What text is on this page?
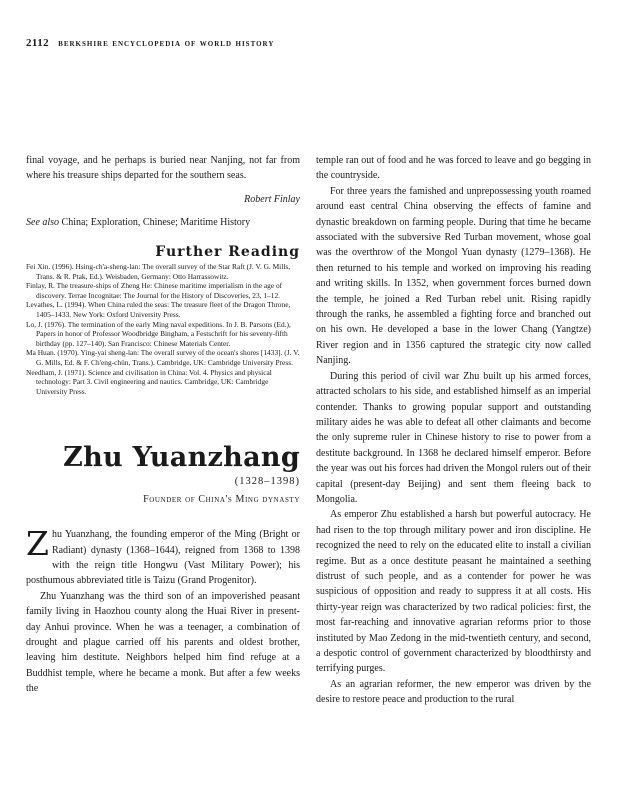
2112 berkshire encyclopedia of world history

final voyage, and he perhaps is buried near Nanjing, not far from where his treasure ships departed for the southern seas.

Robert Finlay
See also China; Exploration, Chinese; Maritime History
Further Reading
Fei Xin. (1996). Hsing-ch'a-sheng-lan: The overall survey of the Star Raft (J. V. G. Mills, Trans. & R. Ptak, Ed.). Weisbaden, Germany: Otto Harrassowitz.
Finlay, R. The treasure-ships of Zheng He: Chinese maritime imperialism in the age of discovery. Terrae Incognitae: The Journal for the History of Discoveries, 23, 1–12.
Levathes, L. (1994). When China ruled the seas: The treasure fleet of the Dragon Throne, 1405–1433. New York: Oxford University Press.
Lo, J. (1976). The termination of the early Ming naval expeditions. In J. B. Parsons (Ed.), Papers in honor of Professor Woodbridge Bingham, a Festschrift for his seventy-fifth birthday (pp. 127–140). San Francisco: Chinese Materials Center.
Ma Huan. (1970). Ying-yai sheng-lan: The overall survey of the ocean's shores [1433]. (J. V. G. Mills, Ed. & F. Ch'eng-chün, Trans.). Cambridge, UK: Cambridge University Press.
Needham, J. (1971). Science and civilisation in China: Vol. 4. Physics and physical technology: Part 3. Civil engineering and nautics. Cambridge, UK: Cambridge University Press.
Zhu Yuanzhang
(1328–1398)
Founder of China's Ming dynasty

Zhu Yuanzhang, the founding emperor of the Ming (Bright or Radiant) dynasty (1368–1644), reigned from 1368 to 1398 with the reign title Hongwu (Vast Military Power); his posthumous abbreviated title is Taizu (Grand Progenitor).

Zhu Yuanzhang was the third son of an impoverished peasant family living in Haozhou county along the Huai River in present-day Anhui province. When he was a teenager, a combination of drought and plague carried off his parents and oldest brother, leaving him destitute. Neighbors helped him find refuge at a Buddhist temple, where he became a monk. But after a few weeks the

temple ran out of food and he was forced to leave and go begging in the countryside.

For three years the famished and unprepossessing youth roamed around east central China observing the effects of famine and dynastic breakdown on farming people. During that time he became associated with the subversive Red Turban movement, whose goal was the overthrow of the Mongol Yuan dynasty (1279–1368). He then returned to his temple and worked on improving his reading and writing skills. In 1352, when government forces burned down the temple, he joined a Red Turban rebel unit. Rising rapidly through the ranks, he assembled a fighting force and branched out on his own. He developed a base in the lower Chang (Yangtze) River region and in 1356 captured the strategic city now called Nanjing.

During this period of civil war Zhu built up his armed forces, attracted scholars to his side, and established himself as an imperial contender. Thanks to growing popular support and outstanding military aides he was able to defeat all other claimants and become the only supreme ruler in Chinese history to rise to power from a destitute background. In 1368 he declared himself emperor. Before the year was out his forces had driven the Mongol rulers out of their capital (present-day Beijing) and sent them fleeing back to Mongolia.

As emperor Zhu established a harsh but powerful autocracy. He had risen to the top through military power and iron discipline. He recognized the need to rely on the educated elite to install a civilian regime. But as a once destitute peasant he maintained a seething distrust of such people, and as a contender for power he was suspicious of opposition and ready to suppress it at all costs. His thirty-year reign was characterized by two radical policies: first, the most far-reaching and innovative agrarian reforms prior to those instituted by Mao Zedong in the mid-twentieth century, and second, a despotic control of government characterized by bloodthirsty and terrifying purges.

As an agrarian reformer, the new emperor was driven by the desire to restore peace and production to the rural
